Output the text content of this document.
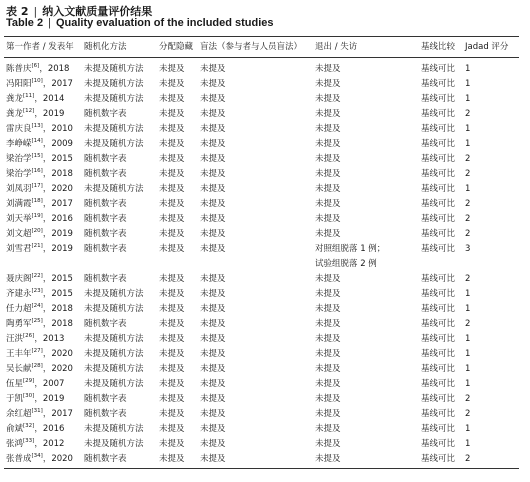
表 2 | 纳入文献质量评价结果
Table 2 | Quality evaluation of the included studies
第一作者 / 发表年 随机化方法	分配隐藏 盲法（参与者与人员盲法） 退出 / 失访	基线比较 Jadad 评分
陈普庆[6]，2018 未提及随机方法 未提及 未提及	未提及	基线可比 1
冯阳阳[10]，2017 未提及随机方法 未提及 未提及	未提及	基线可比 1
龚龙[11]，2014 未提及随机方法 未提及 未提及	未提及	基线可比 1
龚龙[12]，2019 随机数字表	未提及 未提及	未提及	基线可比 2
雷庆良[13]，2010 未提及随机方法 未提及 未提及	未提及	基线可比 1
李峥嵘[14]，2009 未提及随机方法 未提及 未提及	未提及	基线可比 1
梁治学[15]，2015 随机数字表	未提及 未提及	未提及	基线可比 2
梁治学[16]，2018 随机数字表	未提及 未提及	未提及	基线可比 2
刘凤羽[17]，2020 未提及随机方法 未提及 未提及	未提及	基线可比 1
刘满霞[18]，2017 随机数字表	未提及 未提及	未提及	基线可比 2
刘天举[19]，2016 随机数字表	未提及 未提及	未提及	基线可比 2
刘文超[20]，2019 随机数字表	未提及 未提及	未提及	基线可比 2
刘雪君[21]，2019 随机数字表	未提及 未提及	对照组脱落 1 例；	基线可比 3
试验组脱落 2 例
聂庆阁[22]，2015 随机数字表	未提及 未提及	未提及	基线可比 2
齐建永[23]，2015 未提及随机方法 未提及 未提及	未提及	基线可比 1
任力超[24]，2018 未提及随机方法 未提及 未提及	未提及	基线可比 1
陶勇军[25]，2018 随机数字表	未提及 未提及	未提及	基线可比 2
汪洪[26]，2013 未提及随机方法 未提及 未提及	未提及	基线可比 1
王丰年[27]，2020 未提及随机方法 未提及 未提及	未提及	基线可比 1
吴长献[28]，2020 未提及随机方法 未提及 未提及	未提及	基线可比 1
伍星[29]，2007 未提及随机方法 未提及 未提及	未提及	基线可比 1
于凯[30]，2019 随机数字表	未提及 未提及	未提及	基线可比 2
余红超[31]，2017 随机数字表	未提及 未提及	未提及	基线可比 2
俞斌[32]，2016 未提及随机方法 未提及 未提及	未提及	基线可比 1
张鸿[33]，2012 未提及随机方法 未提及 未提及	未提及	基线可比 1
张普成[34]，2020 随机数字表	未提及 未提及	未提及	基线可比 2
